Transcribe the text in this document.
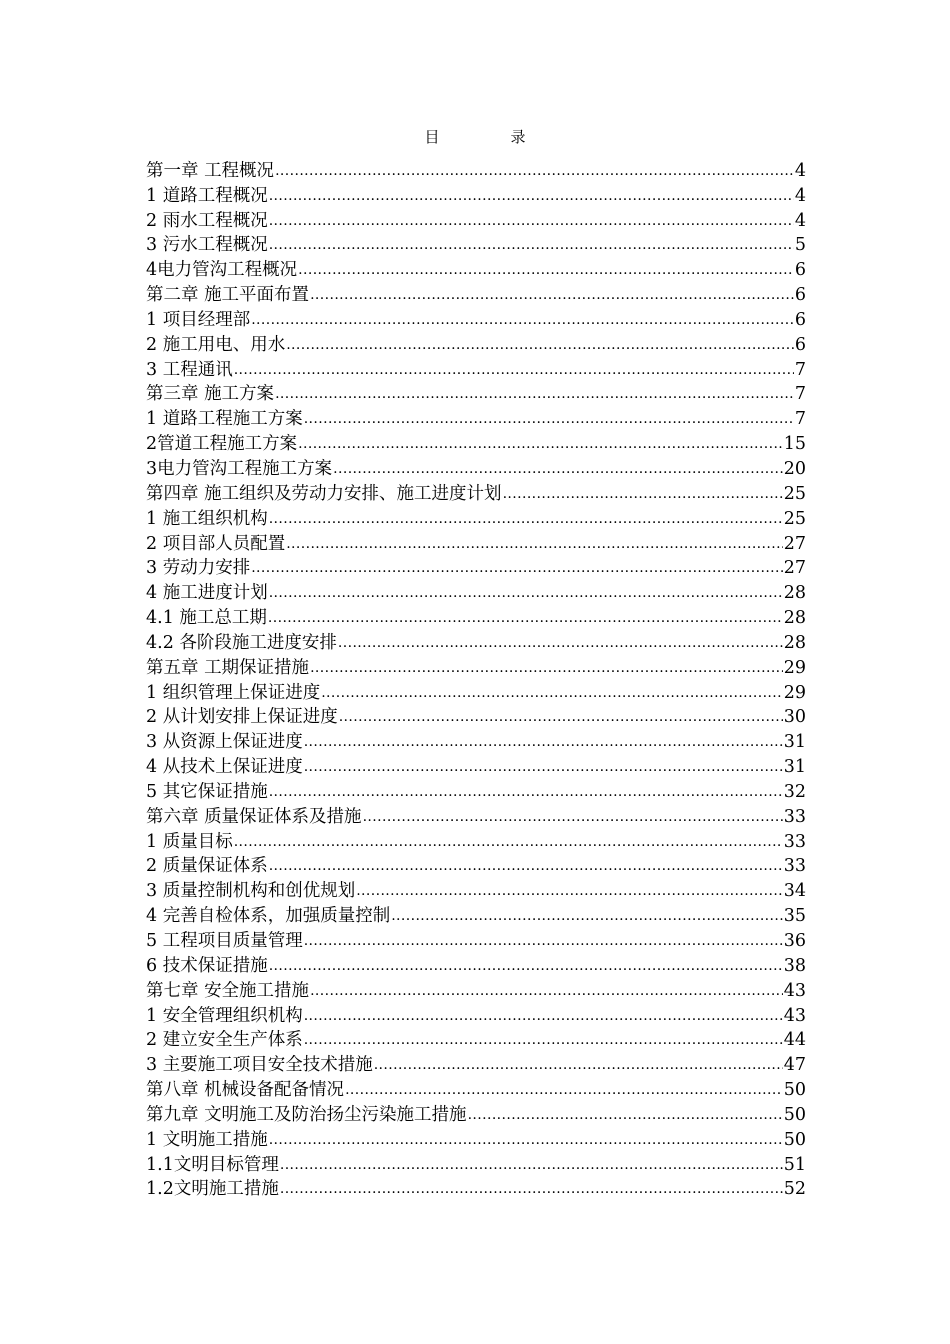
目　录
第一章 工程概况 .....	4
1 道路工程概况 .....	4
2 雨水工程概况 .....	4
3 污水工程概况 .....	5
4电力管沟工程概况 .....	6
第二章 施工平面布置 .....	6
1 项目经理部 .....	6
2 施工用电、用水 .....	6
3 工程通讯 .....	7
第三章 施工方案 .....	7
1 道路工程施工方案 .....	7
2管道工程施工方案 .....	15
3电力管沟工程施工方案 .....	20
第四章 施工组织及劳动力安排、施工进度计划 .....	25
1 施工组织机构 .....	25
2 项目部人员配置 .....	27
3 劳动力安排 .....	27
4 施工进度计划 .....	28
4.1 施工总工期 .....	28
4.2 各阶段施工进度安排 .....	28
第五章 工期保证措施 .....	29
1 组织管理上保证进度 .....	29
2 从计划安排上保证进度 .....	30
3 从资源上保证进度 .....	31
4 从技术上保证进度 .....	31
5 其它保证措施 .....	32
第六章 质量保证体系及措施 .....	33
1 质量目标 .....	33
2 质量保证体系 .....	33
3 质量控制机构和创优规划 .....	34
4 完善自检体系，加强质量控制 .....	35
5 工程项目质量管理 .....	36
6 技术保证措施 .....	38
第七章 安全施工措施 .....	43
1 安全管理组织机构 .....	43
2 建立安全生产体系 .....	44
3 主要施工项目安全技术措施 .....	47
第八章 机械设备配备情况 .....	50
第九章 文明施工及防治扬尘污染施工措施 .....	50
1 文明施工措施 .....	50
1.1文明目标管理 .....	51
1.2文明施工措施 .....	52
